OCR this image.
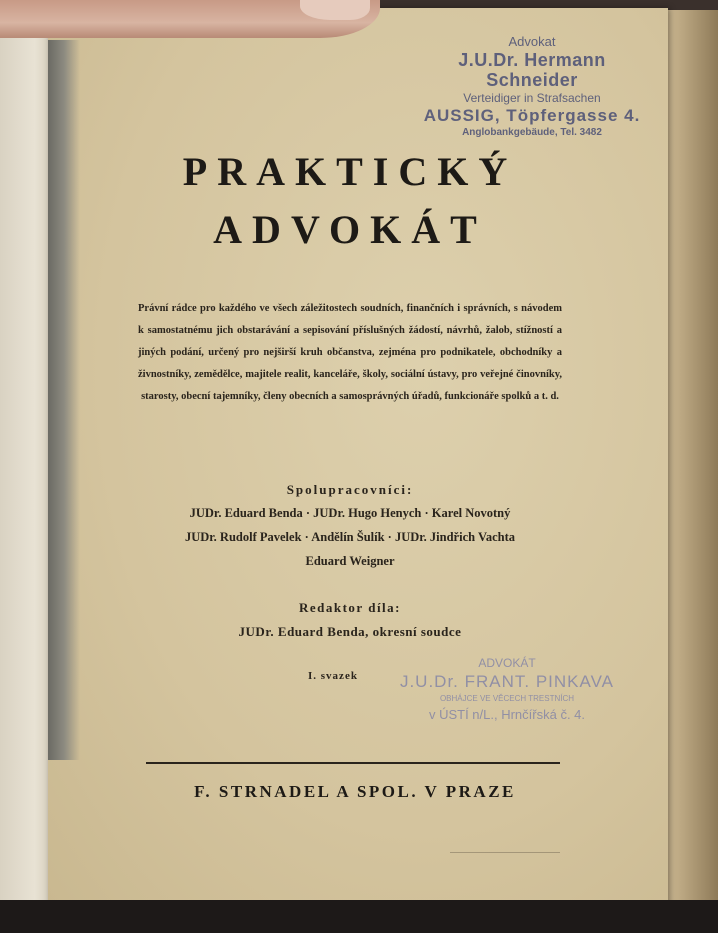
Advokat
J.U.Dr. Hermann Schneider
Verteidiger in Strafsachen
AUSSIG, Töpfergasse 4.
Anglobankgebäude, Tel. 3482
PRAKTICKÝ
ADVOKÁT
Právní rádce pro každého ve všech záležitostech soudních, finančních i správních, s návodem k samostatnému jich obstarávání a sepisování příslušných žádostí, návrhů, žalob, stížností a jiných podání, určený pro nejširší kruh občanstva, zejména pro podnikatele, obchodníky a živnostníky, zemědělce, majitele realit, kanceláře, školy, sociální ústavy, pro veřejné činovníky, starosty, obecní tajemníky, členy obecních a samosprávných úřadů, funkcionáře spolků a t. d.
Spolupracovníci:
JUDr. Eduard Benda · JUDr. Hugo Henych · Karel Novotný
JUDr. Rudolf Pavelek · Andělín Šulík · JUDr. Jindřich Vachta
Eduard Weigner
Redaktor díla:
JUDr. Eduard Benda, okresní soudce
I. svazek
ADVOKÁT
J.U.Dr. FRANT. PINKAVA
OBHÁJCE VE VĚCECH TRESTNÍCH
v ÚSTÍ n/L., Hrnčířská č. 4.
F. STRNADEL A SPOL. V PRAZE
